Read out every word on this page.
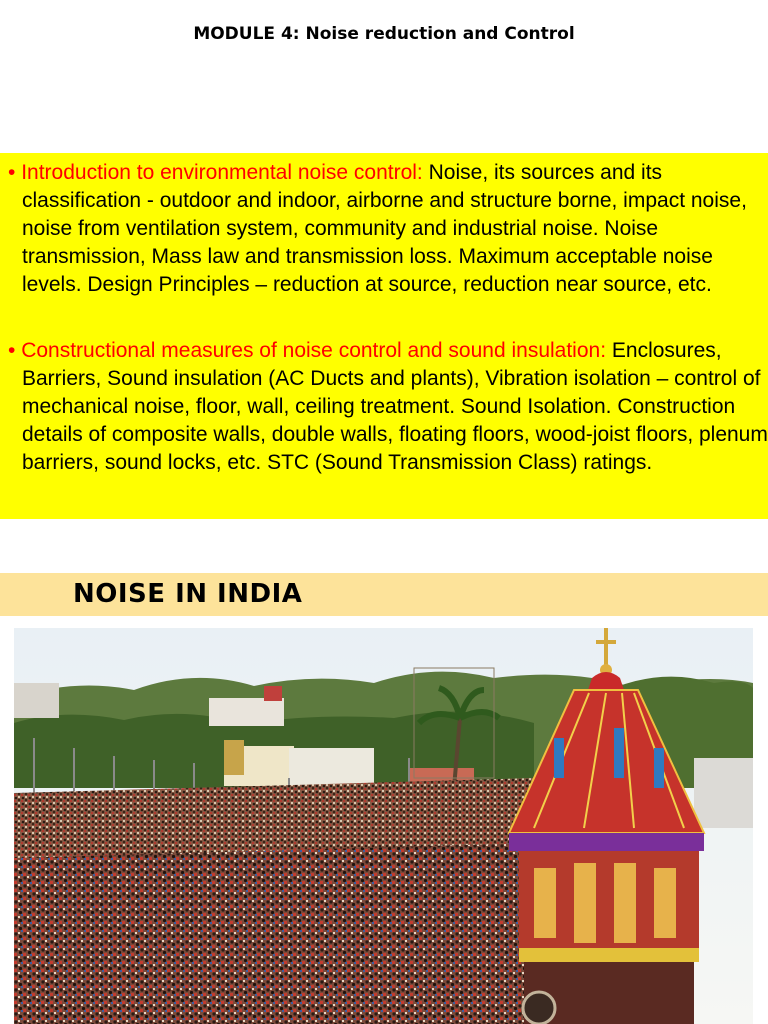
MODULE 4: Noise reduction and Control
• Introduction to environmental noise control: Noise, its sources and its classification - outdoor and indoor, airborne and structure borne, impact noise, noise from ventilation system, community and industrial noise. Noise transmission, Mass law and transmission loss. Maximum acceptable noise levels. Design Principles – reduction at source, reduction near source, etc.
• Constructional measures of noise control and sound insulation: Enclosures, Barriers, Sound insulation (AC Ducts and plants), Vibration isolation – control of mechanical noise, floor, wall, ceiling treatment. Sound Isolation. Construction details of composite walls, double walls, floating floors, wood-joist floors, plenum barriers, sound locks, etc. STC (Sound Transmission Class) ratings.
NOISE IN INDIA
